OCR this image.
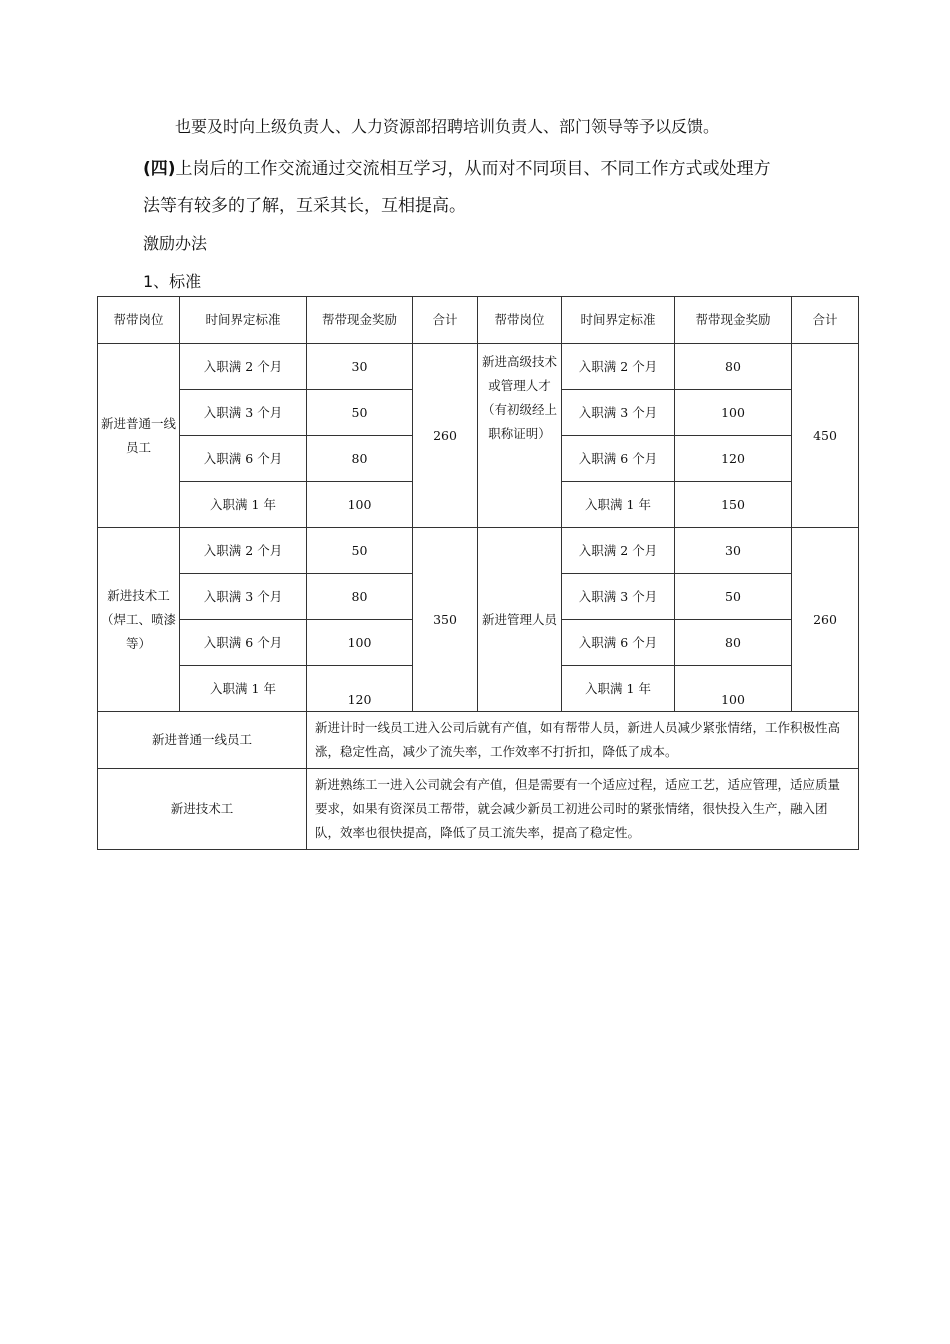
也要及时向上级负责人、人力资源部招聘培训负责人、部门领导等予以反馈。
(四)上岗后的工作交流通过交流相互学习，从而对不同项目、不同工作方式或处理方
法等有较多的了解，互采其长，互相提高。
激励办法
1、标准
帮带岗位	时间界定标准	帮带现金奖励	合计	帮带岗位	时间界定标准	帮带现金奖励	合计
新进普通一线员工	入职满 2 个月	30	260	新进高级技术或管理人才（有初级经上职称证明）	入职满 2 个月	80	450
	入职满 3 个月	50			入职满 3 个月	100	
	入职满 6 个月	80			入职满 6 个月	120	
	入职满 1 年	100			入职满 1 年	150	
新进技术工（焊工、喷漆等）	入职满 2 个月	50	350	新进管理人员	入职满 2 个月	30	260
	入职满 3 个月	80			入职满 3 个月	50	
	入职满 6 个月	100			入职满 6 个月	80	
	入职满 1 年	120			入职满 1 年	100	
新进普通一线员工		新进计时一线员工进入公司后就有产值，如有帮带人员，新进人员减少紧张情绪，工作积极性高涨，稳定性高，减少了流失率，工作效率不打折扣，降低了成本。					
新进技术工		新进熟练工一进入公司就会有产值，但是需要有一个适应过程，适应工艺，适应管理，适应质量要求，如果有资深员工帮带，就会减少新员工初进公司时的紧张情绪，很快投入生产，融入团队，效率也很快提高，降低了员工流失率，提高了稳定性。					
